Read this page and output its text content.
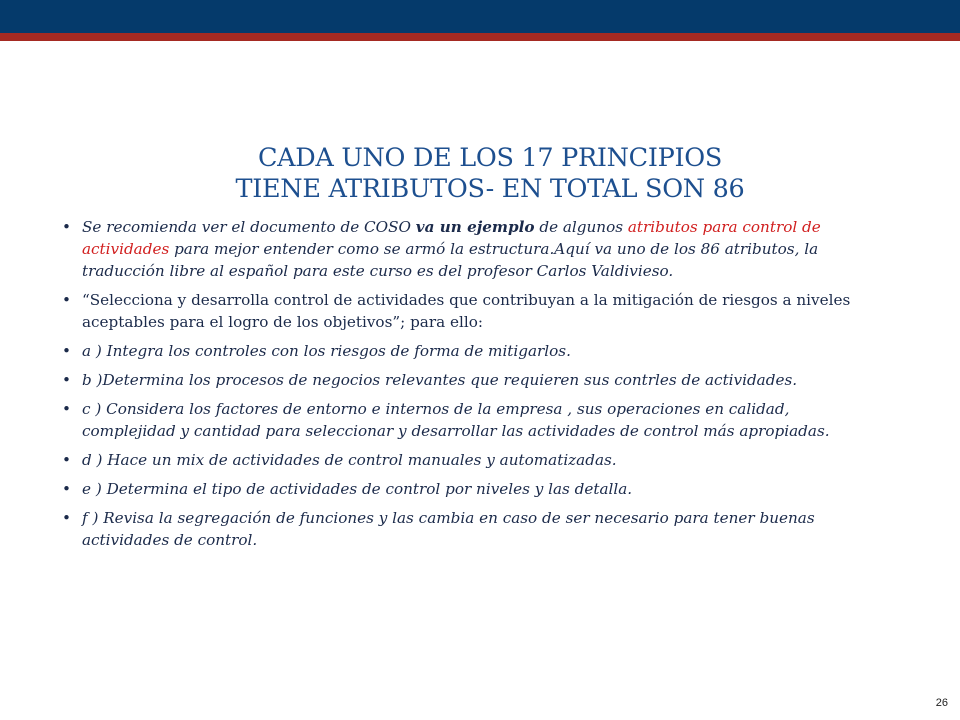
CADA UNO DE LOS 17 PRINCIPIOS
TIENE ATRIBUTOS- EN TOTAL SON 86
• Se recomienda ver el documento de COSO va un ejemplo de algunos atributos para control de actividades para mejor entender como se armó la estructura.Aquí va uno de los 86 atributos, la traducción libre al español para este curso es del profesor Carlos Valdivieso.
• “Selecciona y desarrolla control de actividades que contribuyan a la mitigación de riesgos a niveles aceptables para el logro de los objetivos”; para ello:
• a ) Integra los controles con los riesgos de forma de mitigarlos.
• b )Determina los procesos de negocios relevantes que requieren sus contrles de actividades.
• c ) Considera los factores de entorno e internos de la empresa , sus operaciones en calidad, complejidad y cantidad para seleccionar y desarrollar las actividades de control más apropiadas.
• d ) Hace un mix de actividades de control manuales y automatizadas.
• e ) Determina el tipo de actividades de control por niveles y las detalla.
• f ) Revisa la segregación de funciones y las cambia en caso de ser necesario para tener buenas actividades de control.
26
